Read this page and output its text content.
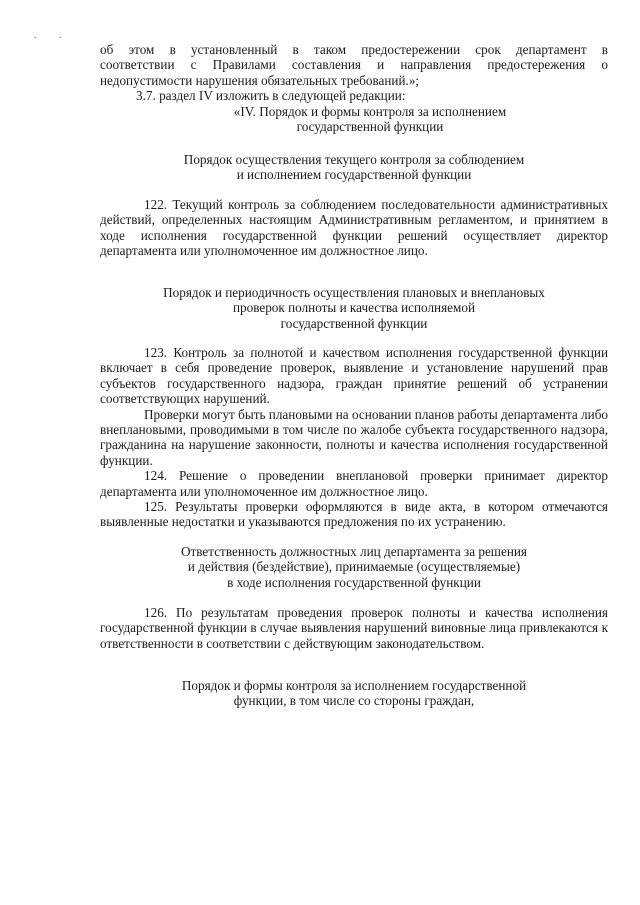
. .

об этом в установленный в таком предостережении срок департамент в

соответствии с Правилами составления и направления предостережения о

недопустимости нарушения обязательных требований.»;

3.7. раздел IV изложить в следующей редакции:

«IV. Порядок и формы контроля за исполнением

государственной функции

Порядок осуществления текущего контроля за соблюдением

и исполнением государственной функции

122. Текущий контроль за соблюдением последовательности административных действий, определенных настоящим Административным регламентом, и принятием в ходе исполнения государственной функции решений осуществляет директор департамента или уполномоченное им должностное лицо.

Порядок и периодичность осуществления плановых и внеплановых

проверок полноты и качества исполняемой

государственной функции

123. Контроль за полнотой и качеством исполнения государственной функции включает в себя проведение проверок, выявление и установление нарушений прав субъектов государственного надзора, граждан принятие решений об устранении соответствующих нарушений.

Проверки могут быть плановыми на основании планов работы департамента либо внеплановыми, проводимыми в том числе по жалобе субъекта государственного надзора, гражданина на нарушение законности, полноты и качества исполнения государственной функции.

124. Решение о проведении внеплановой проверки принимает директор департамента или уполномоченное им должностное лицо.

125. Результаты проверки оформляются в виде акта, в котором отмечаются выявленные недостатки и указываются предложения по их устранению.

Ответственность должностных лиц департамента за решения

и действия (бездействие), принимаемые (осуществляемые)

в ходе исполнения государственной функции

126. По результатам проведения проверок полноты и качества исполнения государственной функции в случае выявления нарушений виновные лица привлекаются к ответственности в соответствии с действующим законодательством.

Порядок и формы контроля за исполнением государственной

функции, в том числе со стороны граждан,
